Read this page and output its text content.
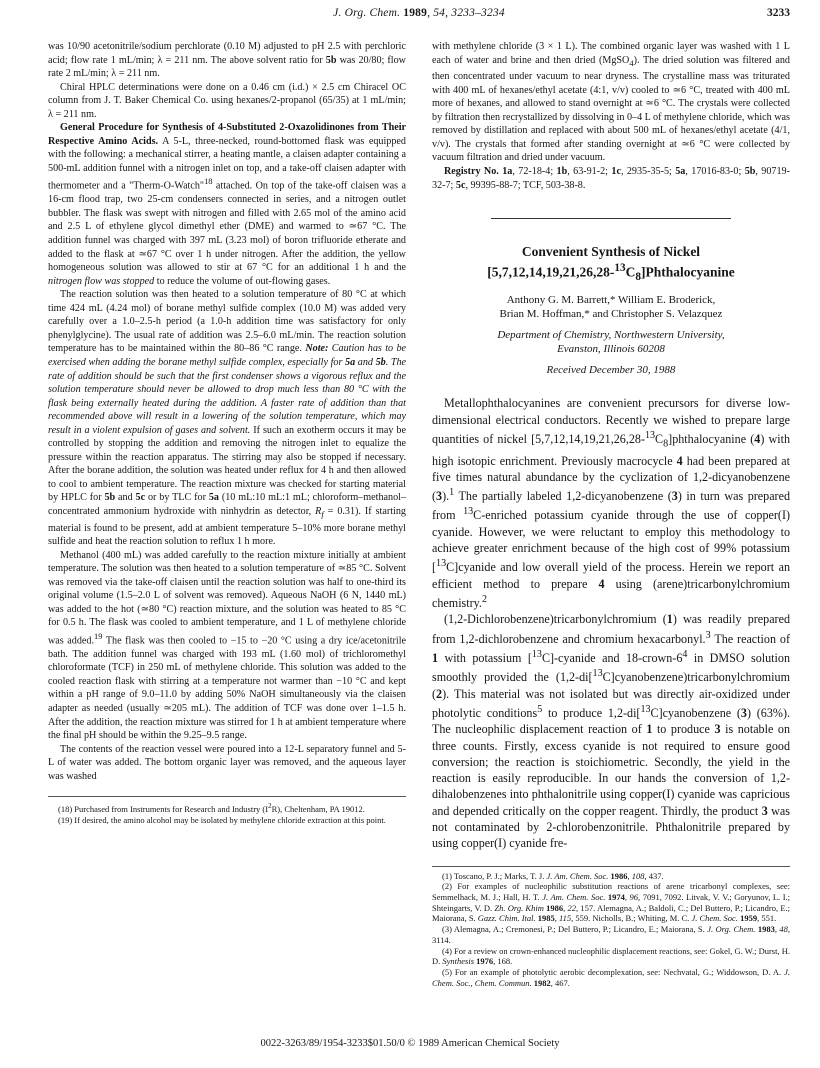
J. Org. Chem. 1989, 54, 3233–3234	3233

was 10/90 acetonitrile/sodium perchlorate (0.10 M) adjusted to pH 2.5 with perchloric acid; flow rate 1 mL/min; λ = 211 nm. The above solvent ratio for 5b was 20/80; flow rate 2 mL/min; λ = 211 nm.

Chiral HPLC determinations were done on a 0.46 cm (i.d.) × 2.5 cm Chiracel OC column from J. T. Baker Chemical Co. using hexanes/2-propanol (65/35) at 1 mL/min; λ = 211 nm.

General Procedure for Synthesis of 4-Substituted 2-Oxazolidinones from Their Respective Amino Acids. A 5-L, three-necked, round-bottomed flask was equipped with the following: a mechanical stirrer, a heating mantle, a claisen adapter containing a 500-mL addition funnel with a nitrogen inlet on top, and a take-off claisen adapter with thermometer and a "Therm-O-Watch"$^{18}$ attached. On top of the take-off claisen was a 16-cm flood trap, two 25-cm condensers connected in series, and a nitrogen outlet bubbler. The flask was swept with nitrogen and filled with 2.65 mol of the amino acid and 2.5 L of ethylene glycol dimethyl ether (DME) and warmed to ≃67 °C. The addition funnel was charged with 397 mL (3.23 mol) of boron trifluoride etherate and added to the flask at ≃67 °C over 1 h under nitrogen. After the addition, the yellow homogeneous solution was allowed to stir at 67 °C for an additional 1 h and the nitrogen flow was stopped to reduce the volume of out-flowing gases.

The reaction solution was then heated to a solution temperature of 80 °C at which time 424 mL (4.24 mol) of borane methyl sulfide complex (10.0 M) was added very carefully over a 1.0–2.5-h period (a 1.0-h addition time was satisfactory for only phenylglycine). The usual rate of addition was 2.5–6.0 mL/min. The reaction solution temperature has to be maintained within the 80–86 °C range. Note: Caution has to be exercised when adding the borane methyl sulfide complex, especially for 5a and 5b. The rate of addition should be such that the first condenser shows a vigorous reflux and the solution temperature should never be allowed to drop much less than 80 °C with the flask being externally heated during the addition. A faster rate of addition than that recommended above will result in a lowering of the solution temperature, which may result in a violent expulsion of gases and solvent. If such an exotherm occurs it may be controlled by stopping the addition and removing the nitrogen inlet to equalize the pressure within the reaction apparatus. The stirring may also be stopped if necessary. After the borane addition, the solution was heated under reflux for 4 h and then allowed to cool to ambient temperature. The reaction mixture was checked for starting material by HPLC for 5b and 5c or by TLC for 5a (10 mL:10 mL:1 mL; chloroform–methanol–concentrated ammonium hydroxide with ninhydrin as detector, $R_f = 0.31$). If starting material is found to be present, add at ambient temperature 5–10% more borane methyl sulfide and heat the reaction solution to reflux 1 h more.

Methanol (400 mL) was added carefully to the reaction mixture initially at ambient temperature. The solution was then heated to a solution temperature of ≃85 °C. Solvent was removed via the take-off claisen until the reaction solution was half to one-third its original volume (1.5–2.0 L of solvent was removed). Aqueous NaOH (6 N, 1440 mL) was added to the hot (≃80 °C) reaction mixture, and the solution was heated to 85 °C for 0.5 h. The flask was cooled to ambient temperature, and 1 L of methylene chloride was added.$^{19}$ The flask was then cooled to −15 to −20 °C using a dry ice/acetonitrile bath. The addition funnel was charged with 193 mL (1.60 mol) of trichloromethyl chloroformate (TCF) in 250 mL of methylene chloride. This solution was added to the cooled reaction flask with stirring at a temperature not warmer than −10 °C and kept within a pH range of 9.0–11.0 by adding 50% NaOH simultaneously via the claisen adapter as needed (usually ≃205 mL). The addition of TCF was done over 1–1.5 h. After the addition, the reaction mixture was stirred for 1 h at ambient temperature where the final pH should be within the 9.25–9.5 range.

The contents of the reaction vessel were poured into a 12-L separatory funnel and 5-L of water was added. The bottom organic layer was removed, and the aqueous layer was washed

(18) Purchased from Instruments for Research and Industry $(I^2R)$, Cheltenham, PA 19012.

(19) If desired, the amino alcohol may be isolated by methylene chloride extraction at this point.

with methylene chloride (3 × 1 L). The combined organic layer was washed with 1 L each of water and brine and then dried (MgSO$_4$). The dried solution was filtered and then concentrated under vacuum to near dryness. The crystalline mass was triturated with 400 mL of hexanes/ethyl acetate (4:1, v/v) cooled to ≃6 °C, treated with 400 mL more of hexanes, and allowed to stand overnight at ≃6 °C. The crystals were collected by filtration then recrystallized by dissolving in 0–4 L of methylene chloride, which was removed by distillation and replaced with about 500 mL of hexanes/ethyl acetate (4/1, v/v). The crystals that formed after standing overnight at ≃6 °C were collected by vacuum filtration and dried under vacuum.

Registry No. 1a, 72-18-4; 1b, 63-91-2; 1c, 2935-35-5; 5a, 17016-83-0; 5b, 90719-32-7; 5c, 99395-88-7; TCF, 503-38-8.

Convenient Synthesis of Nickel
$[5,7,12,14,19,21,26,28-^{13}C_8]Phthalocyanine$
Anthony G. M. Barrett,* William E. Broderick,
Brian M. Hoffman,* and Christopher S. Velazquez
Department of Chemistry, Northwestern University,
Evanston, Illinois 60208
Received December 30, 1988

Metallophthalocyanines are convenient precursors for diverse low-dimensional electrical conductors. Recently we wished to prepare large quantities of nickel $[5,7,12,14,19,21,26,28-^{13}C_8]phthalocyanine$ (4) with high isotopic enrichment. Previously macrocycle 4 had been prepared at five times natural abundance by the cyclization of 1,2-dicyanobenzene (3).$^1$ The partially labeled 1,2-dicyanobenzene (3) in turn was prepared from $^{13}$C-enriched potassium cyanide through the use of copper(I) cyanide. However, we were reluctant to employ this methodology to achieve greater enrichment because of the high cost of 99% potassium [$^{13}$C]cyanide and low overall yield of the process. Herein we report an efficient method to prepare 4 using (arene)tricarbonylchromium chemistry.$^2$

(1,2-Dichlorobenzene)tricarbonylchromium (1) was readily prepared from 1,2-dichlorobenzene and chromium hexacarbonyl.$^3$ The reaction of 1 with potassium [$^{13}$C]-cyanide and $18-crown-6^4$ in DMSO solution smoothly provided the (1,2-di[$^{13}$C]cyanobenzene)tricarbonylchromium (2). This material was not isolated but was directly air-oxidized under photolytic conditions$^5$ to produce 1,2-di[$^{13}$C]cyanobenzene (3) (63%). The nucleophilic displacement reaction of 1 to produce 3 is notable on three counts. Firstly, excess cyanide is not required to ensure good conversion; the reaction is stoichiometric. Secondly, the yield in the reaction is easily reproducible. In our hands the conversion of 1,2-dihalobenzenes into phthalonitrile using copper(I) cyanide was capricious and depended critically on the copper reagent. Thirdly, the product 3 was not contaminated by 2-chlorobenzonitrile. Phthalonitrile prepared by using copper(I) cyanide fre-

(1) Toscano, P. J.; Marks, T. J. J. Am. Chem. Soc. 1986, 108, 437.

(2) For examples of nucleophilic substitution reactions of arene tricarbonyl complexes, see: Semmelhack, M. J.; Hall, H. T. J. Am. Chem. Soc. 1974, 96, 7091, 7092. Litvak, V. V.; Goryunov, L. I.; Shteingarts, V. D. Zh. Org. Khim 1986, 22, 157. Alemagna, A.; Baldoli, C.; Del Buttero, P.; Licandro, E.; Maiorana, S. Gazz. Chim. Ital. 1985, 115, 559. Nicholls, B.; Whiting, M. C. J. Chem. Soc. 1959, 551.

(3) Alemagna, A.; Cremonesi, P.; Del Buttero, P.; Licandro, E.; Maiorana, S. J. Org. Chem. 1983, 48, 3114.

(4) For a review on crown-enhanced nucleophilic displacement reactions, see: Gokel, G. W.; Durst, H. D. Synthesis 1976, 168.

(5) For an example of photolytic aerobic decomplexation, see: Nechvatal, G.; Widdowson, D. A. J. Chem. Soc., Chem. Commun. 1982, 467.

0022-3263/89/1954-3233$01.50/0 © 1989 American Chemical Society
